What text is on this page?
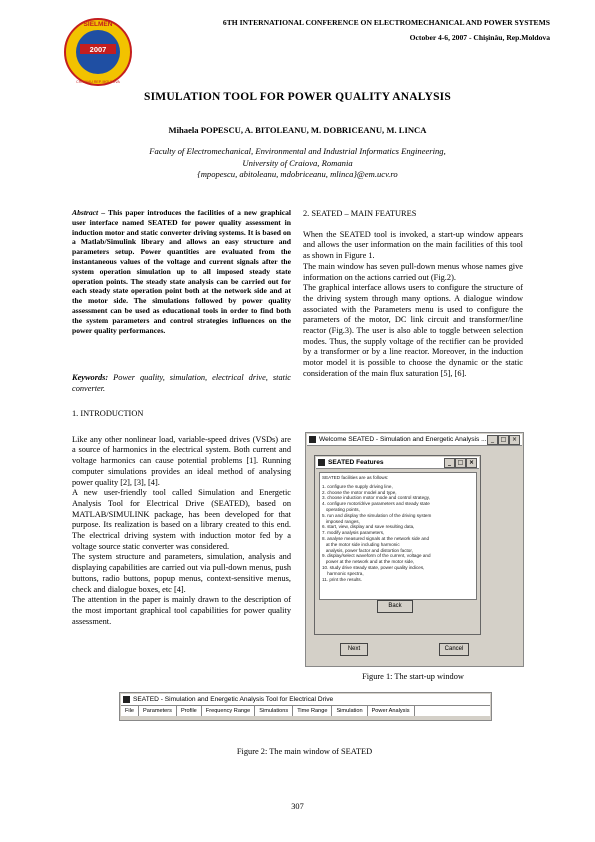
SIELMEN
2007
CHISINAU REP. MOLDOVA
6TH INTERNATIONAL CONFERENCE ON ELECTROMECHANICAL AND POWER SYSTEMS
October 4-6, 2007 - Chişinău, Rep.Moldova
SIMULATION TOOL FOR POWER QUALITY ANALYSIS
Mihaela POPESCU, A. BITOLEANU, M. DOBRICEANU, M. LINCA
Faculty of Electromechanical, Environmental and Industrial Informatics Engineering,
University of Craiova, Romania
{mpopescu, abitoleanu, mdobriceanu, mlinca}@em.ucv.ro
Abstract – This paper introduces the facilities of a new graphical user interface named SEATED for power quality assessment in induction motor and static converter driving systems. It is based on a Matlab/Simulink library and allows an easy structure and parameters setup. Power quantities are evaluated from the instantaneous values of the voltage and current signals after the system operation simulation up to all imposed steady state operation points. The steady state analysis can be carried out for each steady state operation point both at the network side and at the motor side. The simulations followed by power quality assessment can be used as educational tools in order to find both the system parameters and control strategies influences on the power quality performances.
Keywords: Power quality, simulation, electrical drive, static converter.
1. INTRODUCTION

Like any other nonlinear load, variable-speed drives (VSDs) are a source of harmonics in the electrical system. Both current and voltage harmonics can cause potential problems [1]. Running computer simulations provides an ideal method of analysing power quality [2], [3], [4].

A new user-friendly tool called Simulation and Energetic Analysis Tool for Electrical Drive (SEATED), based on MATLAB/SIMULINK package, has been developed for that purpose. Its realization is based on a library created to this end. The electrical driving system with induction motor fed by a voltage source static converter was considered.

The system structure and parameters, simulation, analysis and displaying capabilities are carried out via pull-down menus, push buttons, radio buttons, popup menus, context-sensitive menus, check and dialogue boxes, etc [4].

The attention in the paper is mainly drawn to the description of the most important graphical tool capabilities for power quality assessment.

2. SEATED – MAIN FEATURES

When the SEATED tool is invoked, a start-up window appears and allows the user information on the main facilities of this tool as shown in Figure 1.

The main window has seven pull-down menus whose names give information on the actions carried out (Fig.2).

The graphical interface allows users to configure the structure of the driving system through many options. A dialogue window associated with the Parameters menu is used to configure the parameters of the motor, DC link circuit and transformer/line reactor (Fig.3). The user is also able to toggle between selection modes. Thus, the supply voltage of the rectifier can be provided by a transformer or by a line reactor. Moreover, in the induction motor model it is possible to choose the dynamic or the static consideration of the main flux saturation [5], [6].

Welcome SEATED - Simulation and Energetic Analysis ... _	□ ×
SEATED Features	_	□ ×
SEATED facilities are as follows:
1. configure the supply driving line,
2. choose the motor model and type,
3. choose induction motor mode and control strategy,
4. configure motor/drive parameters and steady state
operating points,
5. run and display the simulation of the driving system
imposed ranges,
6. start, view, display and save resulting data,
7. modify analysis parameters,
8. analyse measured signals at the network side and
at the motor side including harmonic
analysis, power factor and distortion factor,
9. display/select waveform of the current, voltage and
power at the network and at the motor side,
10. study drive steady state, power quality indices,
harmonic spectra,
11. print the results.
Back
Next	Cancel
Figure 1: The start-up window
SEATED - Simulation and Energetic Analysis Tool for Electrical Drive
File Parameters Profile Frequency Range Simulations Time Range Simulation Power Analysis
Figure 2: The main window of SEATED
307
